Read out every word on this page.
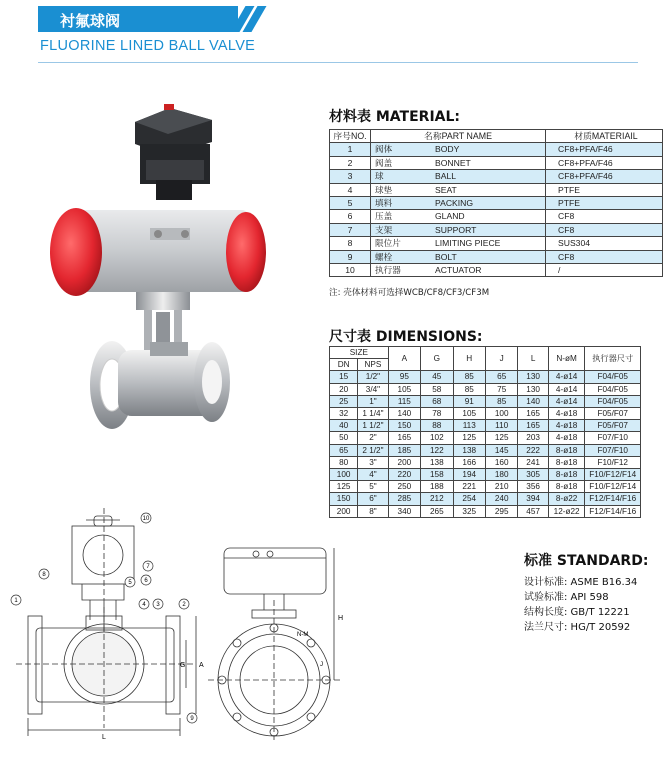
衬氟球阀
FLUORINE LINED BALL VALVE
材料表 MATERIAL:
序号NO.	名称PART NAME		材质MATERIAIL
1	阀体	BODY	CF8+PFA/F46
2	阀盖	BONNET	CF8+PFA/F46
3	球	BALL	CF8+PFA/F46
4	球垫	SEAT	PTFE
5	填料	PACKING	PTFE
6	压盖	GLAND	CF8
7	支架	SUPPORT	CF8
8	限位片	LIMITING PIECE	SUS304
9	螺栓	BOLT	CF8
10	执行器	ACTUATOR	/
注: 壳体材料可选择WCB/CF8/CF3/CF3M
尺寸表 DIMENSIONS:
SIZE		A	G	H	J	L	N-øM	执行器尺寸
DN	NPS							
15	1/2"	95	45	85	65	130	4-ø14	F04/F05
20	3/4"	105	58	85	75	130	4-ø14	F04/F05
25	1"	115	68	91	85	140	4-ø14	F04/F05
32	1 1/4"	140	78	105	100	165	4-ø18	F05/F07
40	1 1/2"	150	88	113	110	165	4-ø18	F05/F07
50	2"	165	102	125	125	203	4-ø18	F07/F10
65	2 1/2"	185	122	138	145	222	8-ø18	F07/F10
80	3"	200	138	166	160	241	8-ø18	F10/F12
100	4"	220	158	194	180	305	8-ø18	F10/F12/F14
125	5"	250	188	221	210	356	8-ø18	F10/F12/F14
150	6"	285	212	254	240	394	8-ø22	F12/F14/F16
200	8"	340	265	325	295	457	12-ø22	F12/F14/F16
L
G A
1
2
3
4
5 6
7
8
9
10
N-M
J
H
标准 STANDARD:
设计标准: ASME B16.34
试验标准: API 598
结构长度: GB/T 12221
法兰尺寸: HG/T 20592
